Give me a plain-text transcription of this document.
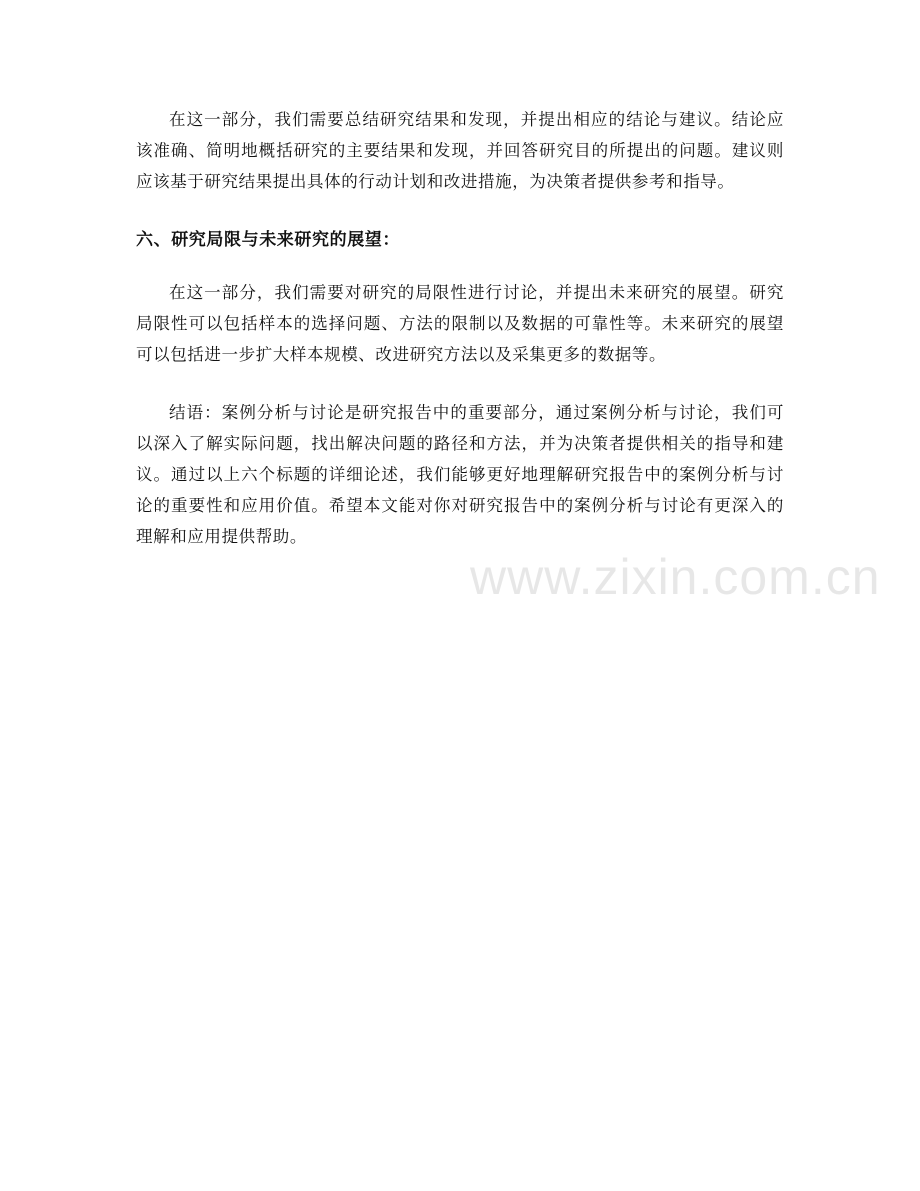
在这一部分，我们需要总结研究结果和发现，并提出相应的结论与建议。结论应该准确、简明地概括研究的主要结果和发现，并回答研究目的所提出的问题。建议则应该基于研究结果提出具体的行动计划和改进措施，为决策者提供参考和指导。

六、研究局限与未来研究的展望：

在这一部分，我们需要对研究的局限性进行讨论，并提出未来研究的展望。研究局限性可以包括样本的选择问题、方法的限制以及数据的可靠性等。未来研究的展望可以包括进一步扩大样本规模、改进研究方法以及采集更多的数据等。

结语：案例分析与讨论是研究报告中的重要部分，通过案例分析与讨论，我们可以深入了解实际问题，找出解决问题的路径和方法，并为决策者提供相关的指导和建议。通过以上六个标题的详细论述，我们能够更好地理解研究报告中的案例分析与讨论的重要性和应用价值。希望本文能对你对研究报告中的案例分析与讨论有更深入的理解和应用提供帮助。

www.zixin.com.cn
